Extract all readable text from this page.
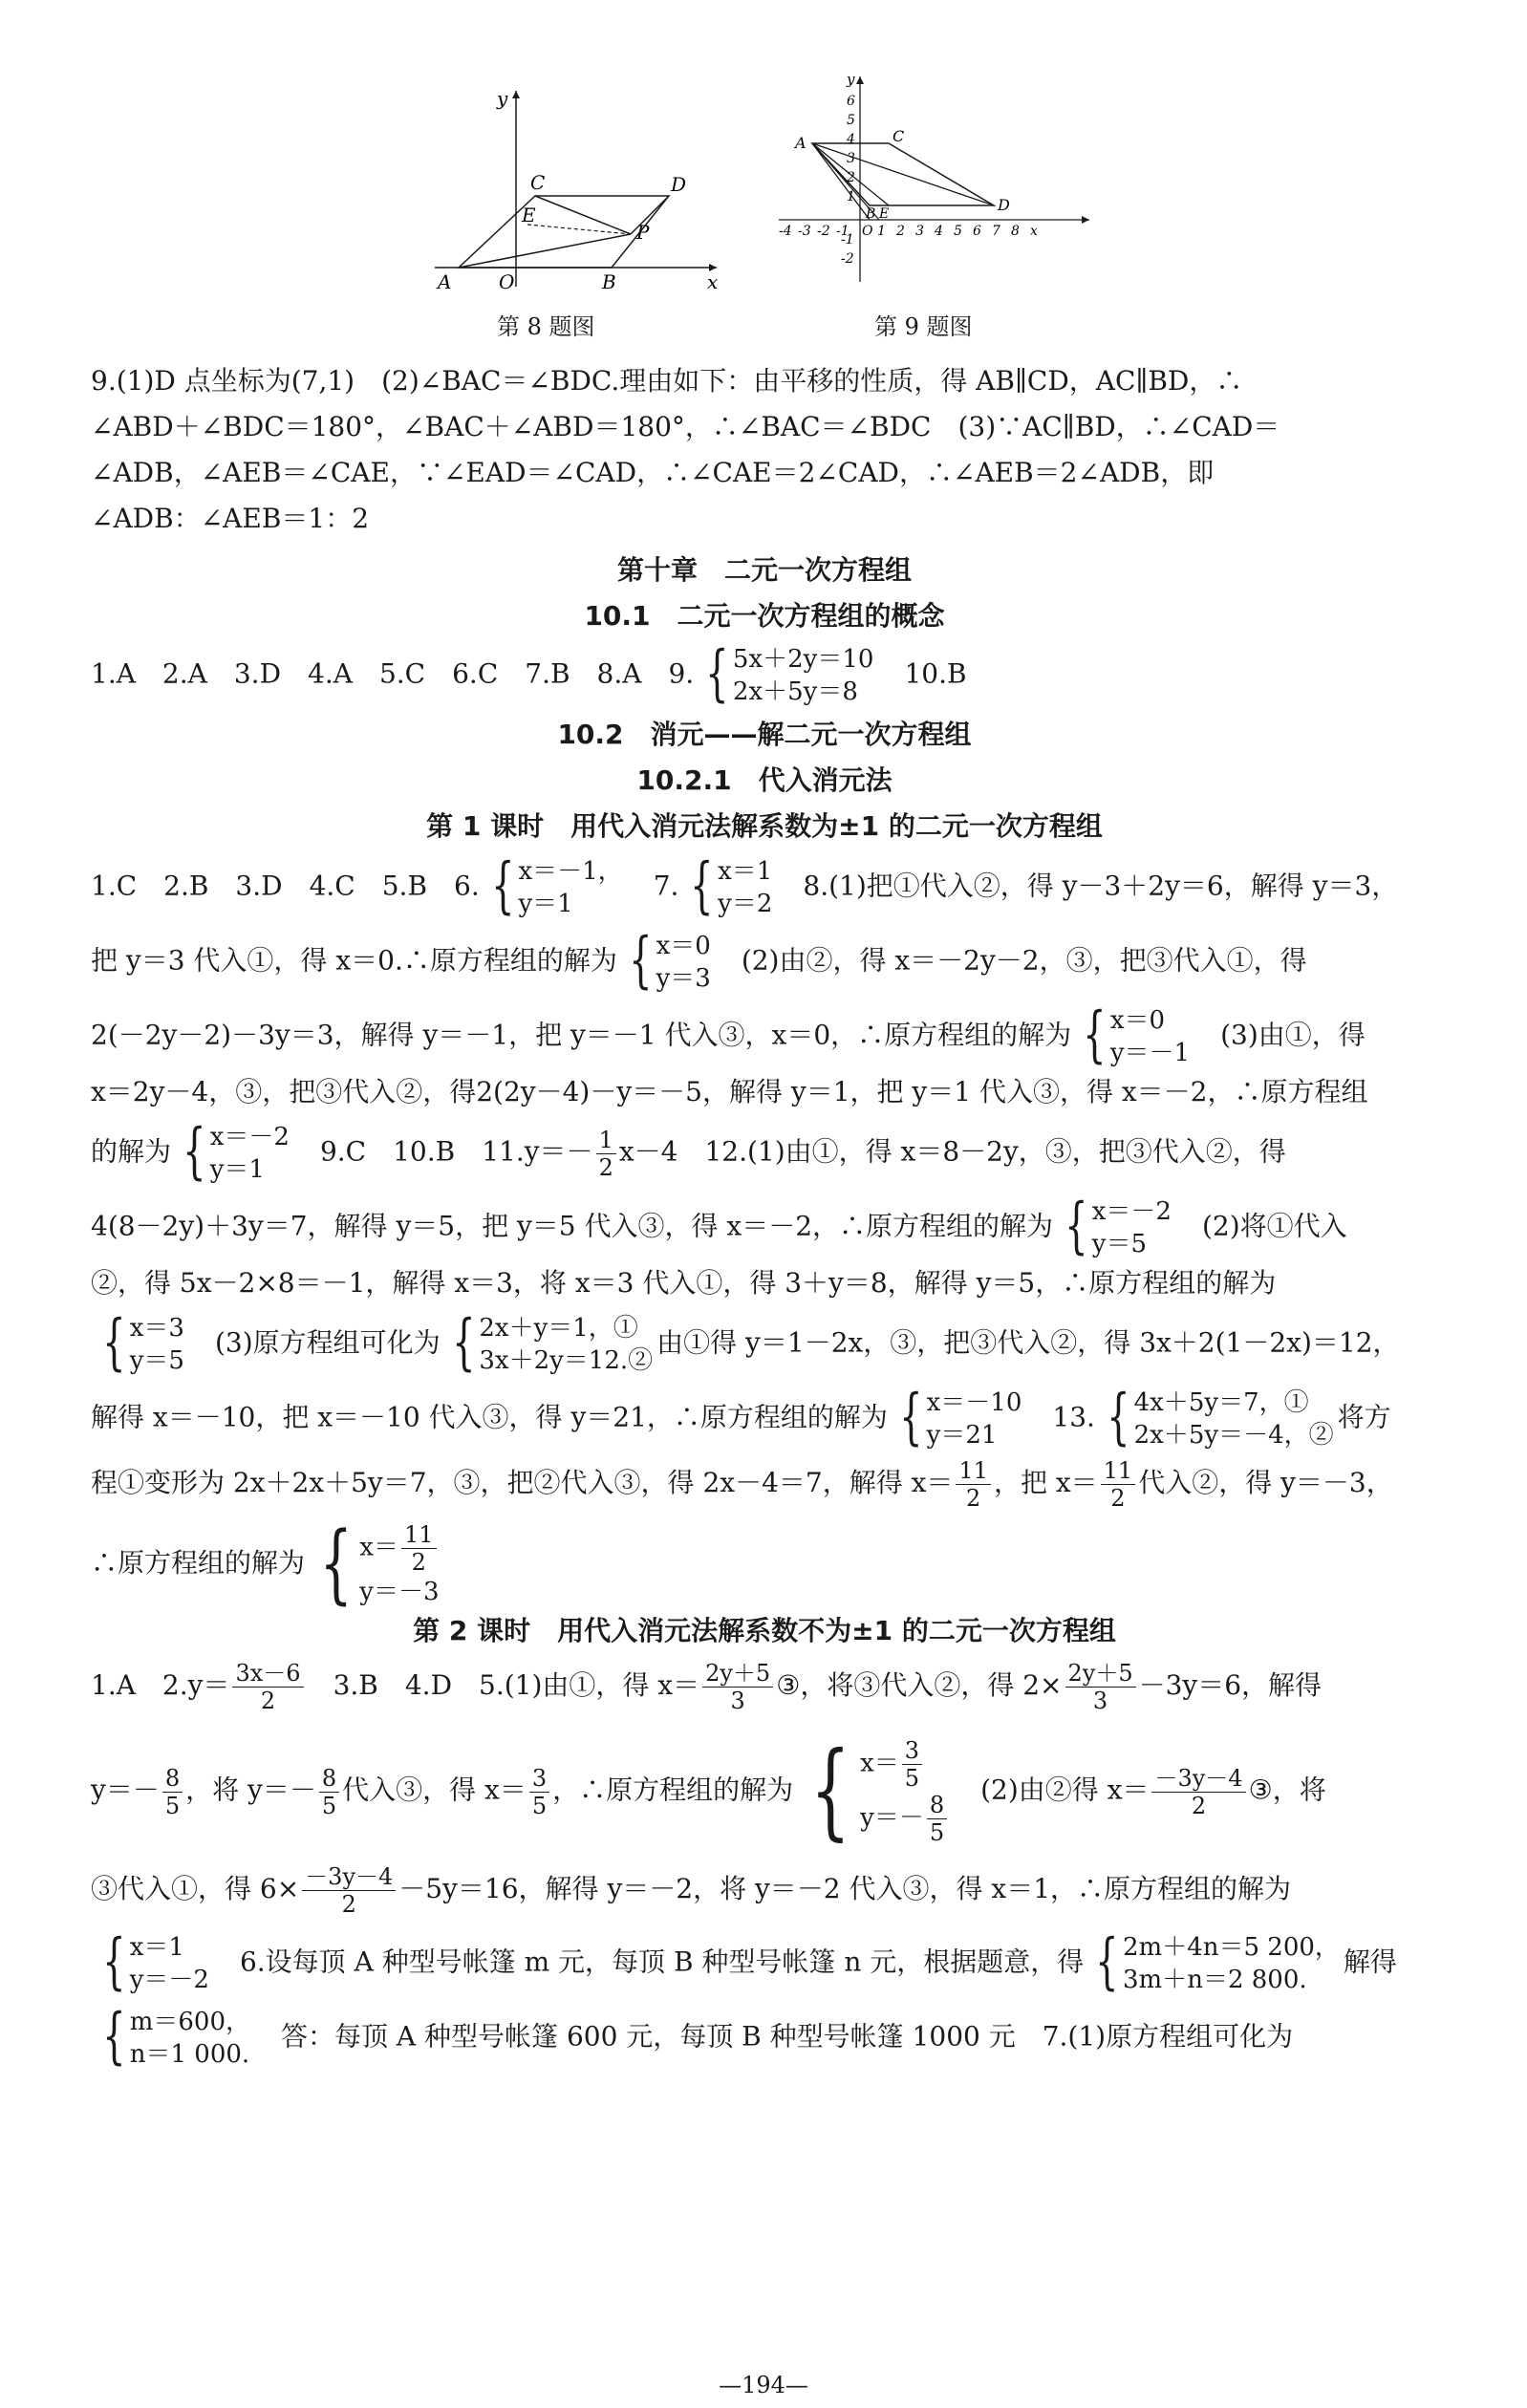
y
C	D
E
P
A O	B	x
第 8 题图
y
6
5
4
3
2
1
O
-1
-2
-4 -3 -2 -1 1 2 3 4 5 6 7 8 x
A	C
B E	D
第 9 题图
9.(1)D 点坐标为(7,1)　(2)∠BAC＝∠BDC.理由如下：由平移的性质，得 AB∥CD，AC∥BD，∴
∠ABD＋∠BDC＝180°，∠BAC＋∠ABD＝180°，∴∠BAC＝∠BDC　(3)∵AC∥BD，∴∠CAD＝
∠ADB，∠AEB＝∠CAE，∵∠EAD＝∠CAD，∴∠CAE＝2∠CAD，∴∠AEB＝2∠ADB，即
∠ADB：∠AEB＝1：2
第十章　二元一次方程组
10.1　二元一次方程组的概念
1.A　2.A　3.D　4.A　5.C　6.C　7.B　8.A　9. { 5x＋2y＝10
2x＋5y＝8
　10.B
10.2　消元——解二元一次方程组
10.2.1　代入消元法
第 1 课时　用代入消元法解系数为±1 的二元一次方程组
1.C　2.B　3.D　4.C　5.B　6. { x＝－1，
y＝1
　7. { x＝1
y＝2
　8.(1)把①代入②，得 y－3＋2y＝6，解得 y＝3，
把 y＝3 代入①，得 x＝0.∴原方程组的解为 { x＝0
y＝3
　(2)由②，得 x＝－2y－2，③，把③代入①，得
2(－2y－2)－3y＝3，解得 y＝－1，把 y＝－1 代入③，x＝0，∴原方程组的解为 { x＝0
y＝－1
　(3)由①，得
x＝2y－4，③，把③代入②，得2(2y－4)－y＝－5，解得 y＝1，把 y＝1 代入③，得 x＝－2，∴原方程组
的解为 { x＝－2
y＝1
　9.C　10.B　$11.y=- \frac{1}{2} x-4$　12.(1)由①，得 x＝8－2y，③，把③代入②，得
4(8－2y)＋3y＝7，解得 y＝5，把 y＝5 代入③，得 x＝－2，∴原方程组的解为 { x＝－2
y＝5
　(2)将①代入
②，得 5x－2×8＝－1，解得 x＝3，将 x＝3 代入①，得 3＋y＝8，解得 y＝5，∴原方程组的解为
{ x＝3
y＝5
　(3)原方程组可化为 { 2x＋y＝1，①
3x＋2y＝12.②
由①得 y＝1－2x，③，把③代入②，得 3x＋2(1－2x)＝12，
解得 x＝－10，把 x＝－10 代入③，得 y＝21，∴原方程组的解为 { x＝－10
y＝21
　13. { 4x＋5y＝7，①
2x＋5y＝－4，②
将方
程①变形为 2x＋2x＋5y＝7，③，把②代入③，得 2x－4＝7，解得 $x= \frac{11}{2}$ ，把 $x= \frac{11}{2}$ 代入②，得 y＝－3，
∴原方程组的解为 { $x= \frac{11}{2}$
y＝－3
第 2 课时　用代入消元法解系数不为±1 的二元一次方程组
1.A　$2.y= \frac{3x-6}{2}$
　 3.B　4.D　5.(1)由①，得 $x= \frac{2y+5}{3}$ ③，将③代入②，得 $2\times \frac{2y+5}{3} -3y=6$，解得
$y=- \frac{8}{5}$ ，将 $y=- \frac{8}{5}$ 代入③，得 $x= \frac{3}{5}$ ，∴原方程组的解为 { $x= \frac{3}{5}$
$y=- \frac{8}{5}$
　(2)由②得 $x= \frac{-3y-4}{2}$ ③，将
③代入①，得 $6\times \frac{-3y-4}{2} -5y=16$，解得 y＝－2，将 y＝－2 代入③，得 x＝1，∴原方程组的解为
{ x＝1
y＝－2
　6.设每顶 A 种型号帐篷 m 元，每顶 B 种型号帐篷 n 元，根据题意，得 { 2m＋4n＝5 200，
3m＋n＝2 800.
解得
{ m＝600，
n＝1 000.
　答：每顶 A 种型号帐篷 600 元，每顶 B 种型号帐篷 1000 元　7.(1)原方程组可化为
—194—
